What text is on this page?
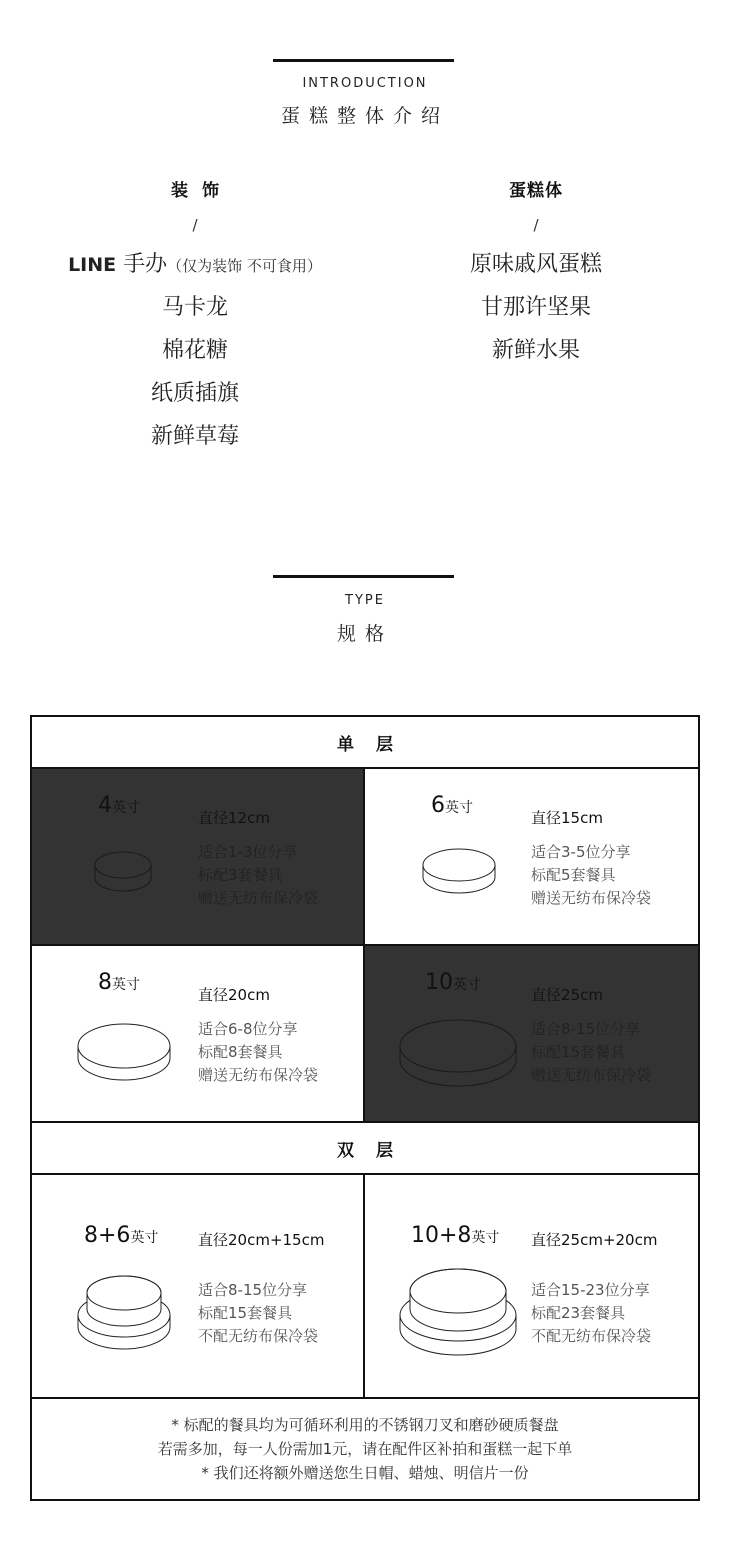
INTRODUCTION
蛋糕整体介绍
装饰
/
LINE 手办（仅为装饰 不可食用）
马卡龙
棉花糖
纸质插旗
新鲜草莓
蛋糕体
/
原味戚风蛋糕
甘那许坚果
新鲜水果
TYPE
规格
单层
4英寸
直径12cm
适合1-3位分享
标配3套餐具
赠送无纺布保冷袋
6英寸
直径15cm
适合3-5位分享
标配5套餐具
赠送无纺布保冷袋
8英寸
直径20cm
适合6-8位分享
标配8套餐具
赠送无纺布保冷袋
10英寸
直径25cm
适合8-15位分享
标配15套餐具
赠送无纺布保冷袋
双层
8+6英寸	直径20cm+15cm
适合8-15位分享
标配15套餐具
不配无纺布保冷袋
10+8英寸 直径25cm+20cm
适合15-23位分享
标配23套餐具
不配无纺布保冷袋
* 标配的餐具均为可循环利用的不锈钢刀叉和磨砂硬质餐盘
若需多加，每一人份需加1元，请在配件区补拍和蛋糕一起下单
* 我们还将额外赠送您生日帽、蜡烛、明信片一份
